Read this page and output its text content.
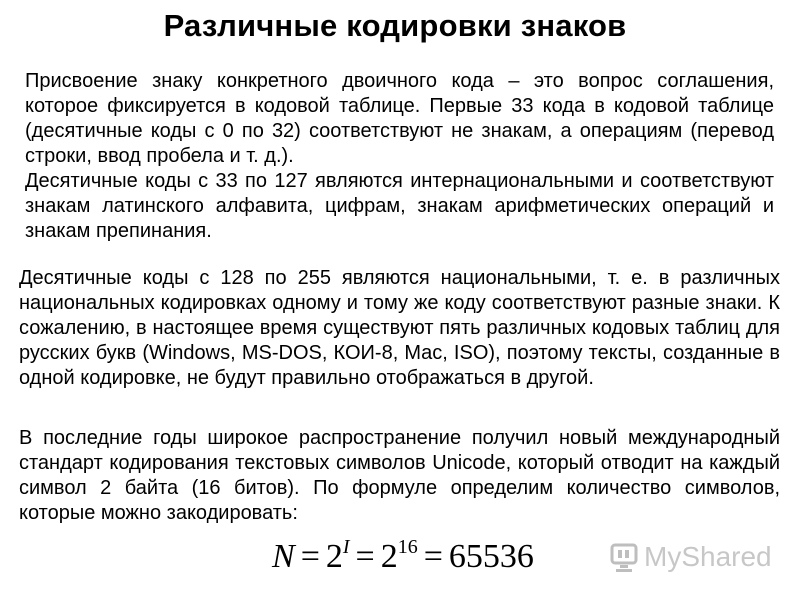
Различные кодировки знаков

Присвоение знаку конкретного двоичного кода – это вопрос соглашения, которое фиксируется в кодовой таблице. Первые 33 кода в кодовой таблице (десятичные коды с 0 по 32) соответствуют не знакам, а операциям (перевод строки, ввод пробела и т. д.).

Десятичные коды с 33 по 127 являются интернациональными и соответствуют знакам латинского алфавита, цифрам, знакам арифметических операций и знакам препинания.

Десятичные коды с 128 по 255 являются национальными, т. е. в различных национальных кодировках одному и тому же коду соответствуют разные знаки. К сожалению, в настоящее время существуют пять различных кодовых таблиц для русских букв (Windows, MS-DOS, КОИ-8, Mac, ISO), поэтому тексты, созданные в одной кодировке, не будут правильно отображаться в другой.

В последние годы широкое распространение получил новый международный стандарт кодирования текстовых символов Unicode, который отводит на каждый символ 2 байта (16 битов). По формуле определим количество символов, которые можно закодировать:

$N = 2^I = 2^{16} = 65536$	MyShared
